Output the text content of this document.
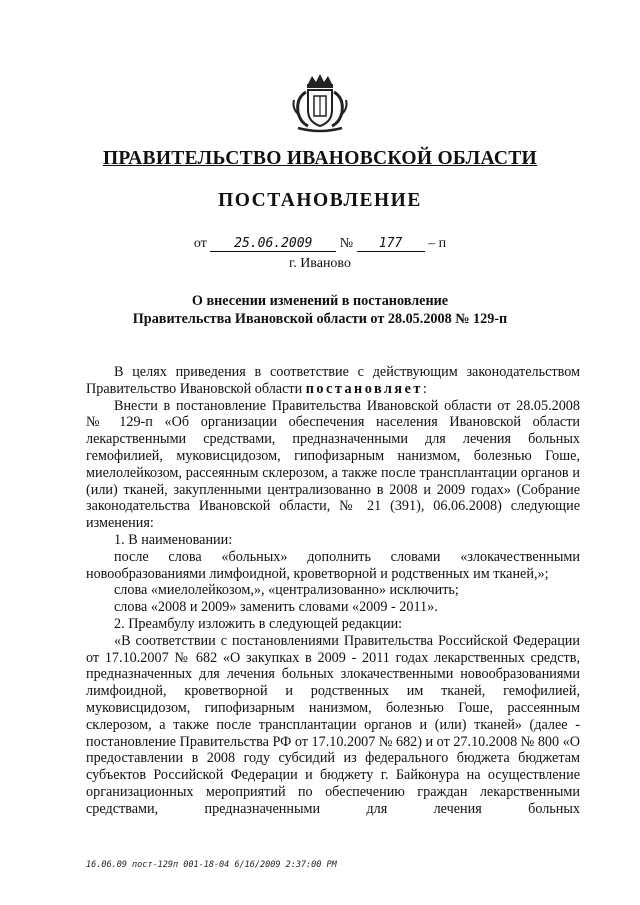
ПРАВИТЕЛЬСТВО ИВАНОВСКОЙ ОБЛАСТИ
ПОСТАНОВЛЕНИЕ
от 25.06.2009 № 177 – п
г. Иваново
О внесении изменений в постановление
Правительства Ивановской области от 28.05.2008 № 129-п

В целях приведения в соответствие с действующим законодательством Правительство Ивановской области постановляет:

Внести в постановление Правительства Ивановской области от 28.05.2008 № 129-п «Об организации обеспечения населения Ивановской области лекарственными средствами, предназначенными для лечения больных гемофилией, муковисцидозом, гипофизарным нанизмом, болезнью Гоше, миелолейкозом, рассеянным склерозом, а также после трансплантации органов и (или) тканей, закупленными централизованно в 2008 и 2009 годах» (Собрание законодательства Ивановской области, № 21 (391), 06.06.2008) следующие изменения:

1. В наименовании:

после слова «больных» дополнить словами «злокачественными новообразованиями лимфоидной, кроветворной и родственных им тканей,»;

слова «миелолейкозом,», «централизованно» исключить;

слова «2008 и 2009» заменить словами «2009 - 2011».

2. Преамбулу изложить в следующей редакции:

«В соответствии с постановлениями Правительства Российской Федерации от 17.10.2007 № 682 «О закупках в 2009 - 2011 годах лекарственных средств, предназначенных для лечения больных злокачественными новообразованиями лимфоидной, кроветворной и родственных им тканей, гемофилией, муковисцидозом, гипофизарным нанизмом, болезнью Гоше, рассеянным склерозом, а также после трансплантации органов и (или) тканей» (далее - постановление Правительства РФ от 17.10.2007 № 682) и от 27.10.2008 № 800 «О предоставлении в 2008 году субсидий из федерального бюджета бюджетам субъектов Российской Федерации и бюджету г. Байконура на осуществление организационных мероприятий по обеспечению граждан лекарственными средствами, предназначенными для лечения больных

16.06.09 пост-129п 001-18-04 6/16/2009 2:37:00 PM
